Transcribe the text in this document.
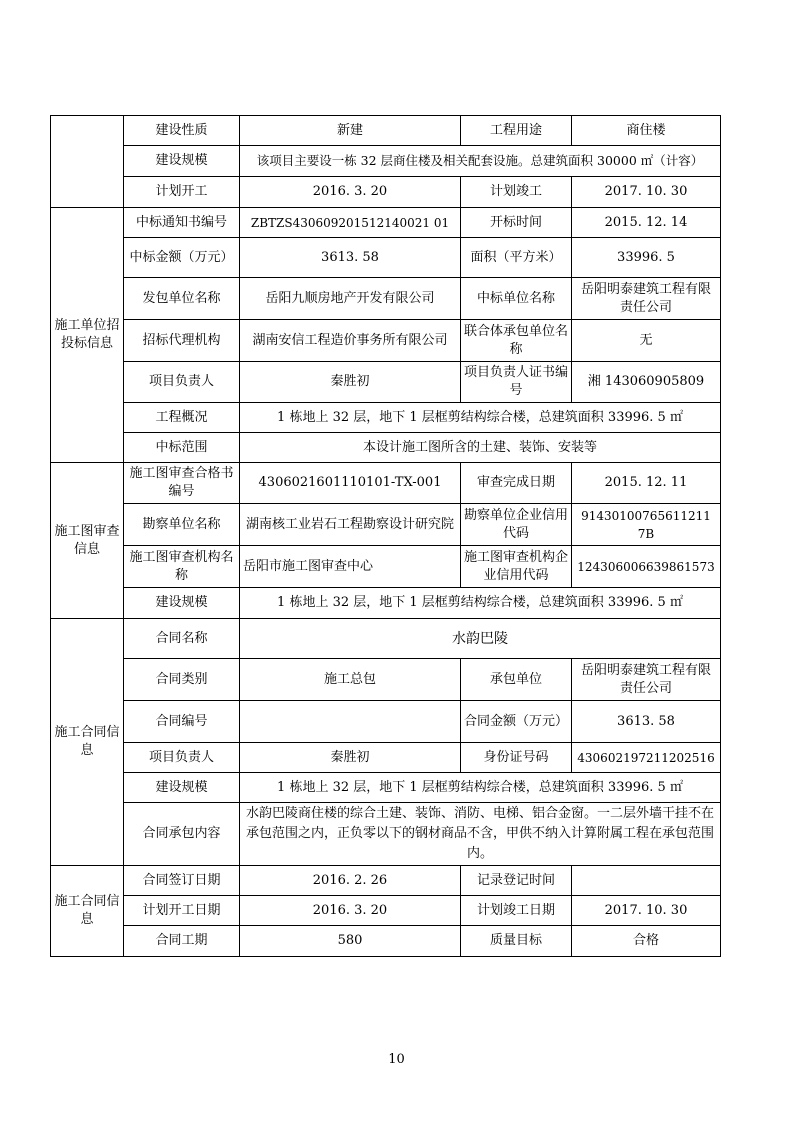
	建设性质	新建	工程用途	商住楼
	建设规模	该项目主要设一栋 32 层商住楼及相关配套设施。总建筑面积 30000 ㎡（计容）		
	计划开工	2016. 3. 20	计划竣工	2017. 10. 30
施工单位招投标信息	中标通知书编号	ZBTZS430609201512140021 01	开标时间	2015. 12. 14
	中标金额（万元）	3613. 58	面积（平方米）	33996. 5
	发包单位名称	岳阳九顺房地产开发有限公司	中标单位名称	岳阳明泰建筑工程有限责任公司
	招标代理机构	湖南安信工程造价事务所有限公司	联合体承包单位名称	无
	项目负责人	秦胜初	项目负责人证书编号	湘 143060905809
	工程概况	1 栋地上 32 层，地下 1 层框剪结构综合楼，总建筑面积 33996. 5 ㎡		
	中标范围	本设计施工图所含的土建、装饰、安装等		
施工图审查信息	施工图审查合格书编号	4306021601110101-TX-001	审查完成日期	2015. 12. 11
	勘察单位名称	湖南核工业岩石工程勘察设计研究院	勘察单位企业信用代码	91430100765611211 7B
	施工图审查机构名称	岳阳市施工图审查中心	施工图审查机构企业信用代码	124306006639861573
	建设规模	1 栋地上 32 层，地下 1 层框剪结构综合楼，总建筑面积 33996. 5 ㎡		
施工合同信息	合同名称	水韵巴陵		
	合同类别	施工总包	承包单位	岳阳明泰建筑工程有限责任公司
	合同编号		合同金额（万元）	3613. 58
	项目负责人	秦胜初	身份证号码	430602197211202516
	建设规模	1 栋地上 32 层，地下 1 层框剪结构综合楼，总建筑面积 33996. 5 ㎡		
	合同承包内容	水韵巴陵商住楼的综合土建、装饰、消防、电梯、铝合金窗。一二层外墙干挂不在承包范围之内，正负零以下的钢材商品不含，甲供不纳入计算附属工程在承包范围内。		
施工合同信息	合同签订日期	2016. 2. 26	记录登记时间	
	计划开工日期	2016. 3. 20	计划竣工日期	2017. 10. 30
	合同工期	580	质量目标	合格
10
